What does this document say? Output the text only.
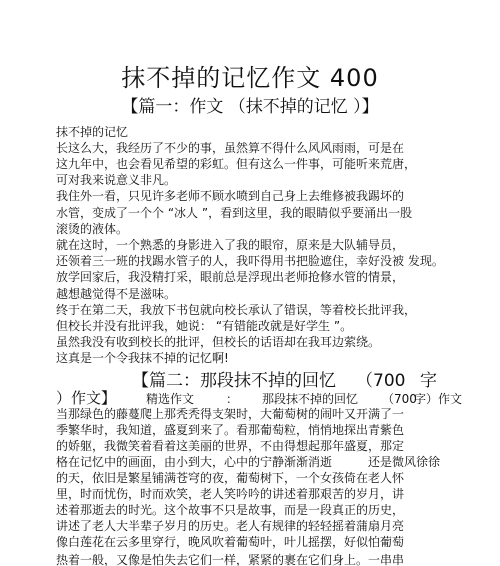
抹不掉的记忆作文 400
【篇一：作文 （抹不掉的记忆 ）】
抹不掉的记忆
长这么大，我经历了不少的事，虽然算不得什么风风雨雨，可是在
这九年中，也会看见希望的彩虹。但有这么一件事，可能听来荒唐，
可对我来说意义非凡。
我住外一看，只见许多老师不顾水喷到自己身上去维修被我踢坏的
水管，变成了一个个 “冰人 ”，看到这里，我的眼睛似乎要涌出一股
滚烫的液体。
就在这时，一个熟悉的身影进入了我的眼帘，原来是大队辅导员，
还领着三一班的找踢水管子的人，我吓得用书把脸遮住，幸好没被 发现。
放学回家后，我没精打采，眼前总是浮现出老师抢修水管的情景，
越想越觉得不是滋味。
终于在第二天，我放下书包就向校长承认了错误，等着校长批评我，
但校长并没有批评我，她说： “有错能改就是好学生 ”。
虽然我没有收到校长的批评，但校长的话语却在我耳边萦绕。
这真是一个令我抹不掉的记忆啊!
【篇二：那段抹不掉的回忆 （700 字
）作文】 精选作文	： 那段抹不掉的回忆 （700
字）作文
当那绿色的藤蔓爬上那秃秃得支架时，大葡萄树的闹叶又开满了一
季繁华时，我知道，盛夏到来了。看那葡萄粒，悄悄地探出青紫色
的娇躯，我微笑着看着这美丽的世界，不由得想起那年盛夏，那定
格在记忆中的画面，由小到大，心中的宁静渐渐消逝	还是微风徐徐
的天，依旧是繁星铺满苍穹的夜，葡萄树下，一个女孩倚在老人怀
里，时而忧伤，时而欢笑，老人笑吟吟的讲述着那艰苦的岁月，讲
述着那逝去的时光。这个故事不只是故事，而是一段真正的历史，
讲述了老人大半辈子岁月的历史。老人有规律的轻轻摇着蒲扇月亮
像白莲花在云多里穿行，晚风吹着葡萄叶，叶儿摇摆，好似怕葡萄
热着一般，又像是怕失去它们一样，紧紧的裹在它们身上。一串串
